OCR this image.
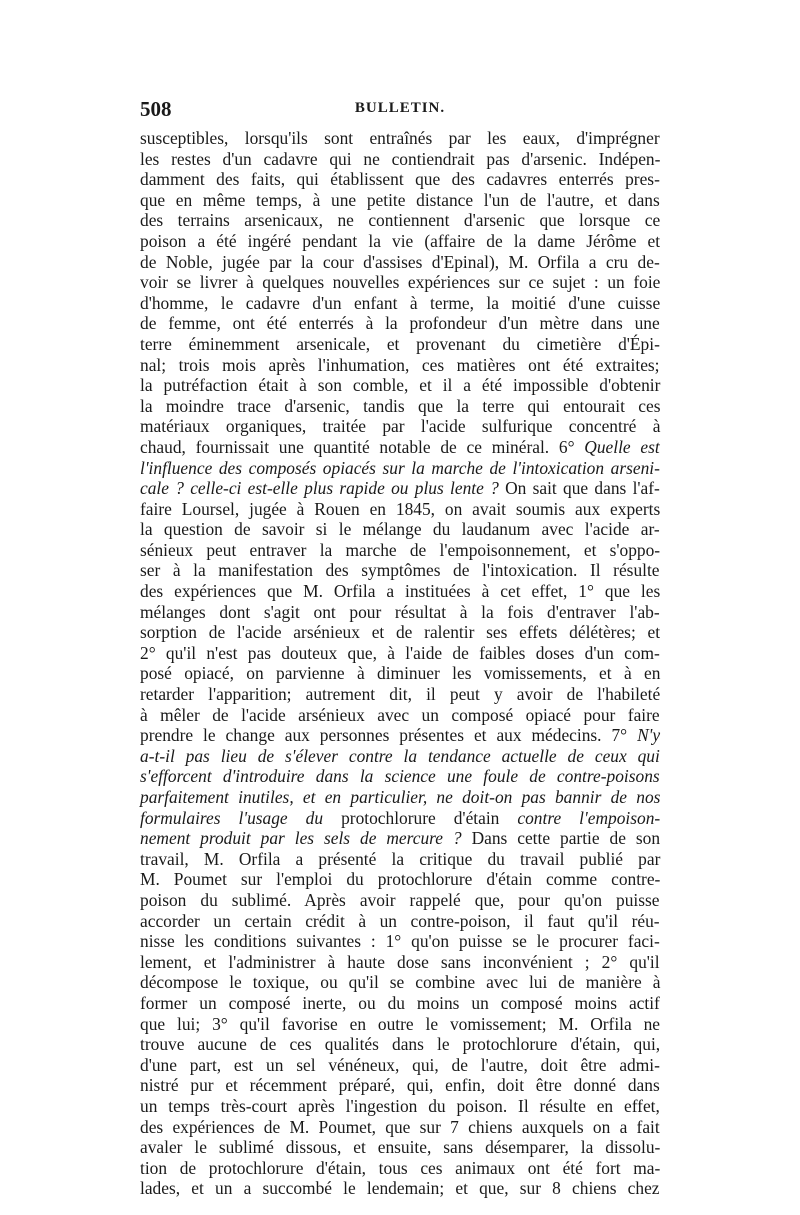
508	BULLETIN.
susceptibles, lorsqu'ils sont entraînés par les eaux, d'imprégner
les restes d'un cadavre qui ne contiendrait pas d'arsenic. Indépen-
damment des faits, qui établissent que des cadavres enterrés pres-
que en même temps, à une petite distance l'un de l'autre, et dans
des terrains arsenicaux, ne contiennent d'arsenic que lorsque ce
poison a été ingéré pendant la vie (affaire de la dame Jérôme et
de Noble, jugée par la cour d'assises d'Epinal), M. Orfila a cru de-
voir se livrer à quelques nouvelles expériences sur ce sujet : un foie
d'homme, le cadavre d'un enfant à terme, la moitié d'une cuisse
de femme, ont été enterrés à la profondeur d'un mètre dans une
terre éminemment arsenicale, et provenant du cimetière d'Épi-
nal; trois mois après l'inhumation, ces matières ont été extraites;
la putréfaction était à son comble, et il a été impossible d'obtenir
la moindre trace d'arsenic, tandis que la terre qui entourait ces
matériaux organiques, traitée par l'acide sulfurique concentré à
chaud, fournissait une quantité notable de ce minéral. 6° Quelle est
l'influence des composés opiacés sur la marche de l'intoxication arseni-
cale ? celle-ci est-elle plus rapide ou plus lente ? On sait que dans l'af-
faire Loursel, jugée à Rouen en 1845, on avait soumis aux experts
la question de savoir si le mélange du laudanum avec l'acide ar-
sénieux peut entraver la marche de l'empoisonnement, et s'oppo-
ser à la manifestation des symptômes de l'intoxication. Il résulte
des expériences que M. Orfila a instituées à cet effet, 1° que les
mélanges dont s'agit ont pour résultat à la fois d'entraver l'ab-
sorption de l'acide arsénieux et de ralentir ses effets délétères; et
2° qu'il n'est pas douteux que, à l'aide de faibles doses d'un com-
posé opiacé, on parvienne à diminuer les vomissements, et à en
retarder l'apparition; autrement dit, il peut y avoir de l'habileté
à mêler de l'acide arsénieux avec un composé opiacé pour faire
prendre le change aux personnes présentes et aux médecins. 7° N'y
a-t-il pas lieu de s'élever contre la tendance actuelle de ceux qui
s'efforcent d'introduire dans la science une foule de contre-poisons
parfaitement inutiles, et en particulier, ne doit-on pas bannir de nos
formulaires l'usage du protochlorure d'étain contre l'empoison-
nement produit par les sels de mercure ? Dans cette partie de son
travail, M. Orfila a présenté la critique du travail publié par
M. Poumet sur l'emploi du protochlorure d'étain comme contre-
poison du sublimé. Après avoir rappelé que, pour qu'on puisse
accorder un certain crédit à un contre-poison, il faut qu'il réu-
nisse les conditions suivantes : 1° qu'on puisse se le procurer faci-
lement, et l'administrer à haute dose sans inconvénient ; 2° qu'il
décompose le toxique, ou qu'il se combine avec lui de manière à
former un composé inerte, ou du moins un composé moins actif
que lui; 3° qu'il favorise en outre le vomissement; M. Orfila ne
trouve aucune de ces qualités dans le protochlorure d'étain, qui,
d'une part, est un sel vénéneux, qui, de l'autre, doit être admi-
nistré pur et récemment préparé, qui, enfin, doit être donné dans
un temps très-court après l'ingestion du poison. Il résulte en effet,
des expériences de M. Poumet, que sur 7 chiens auxquels on a fait
avaler le sublimé dissous, et ensuite, sans désemparer, la dissolu-
tion de protochlorure d'étain, tous ces animaux ont été fort ma-
lades, et un a succombé le lendemain; et que, sur 8 chiens chez
